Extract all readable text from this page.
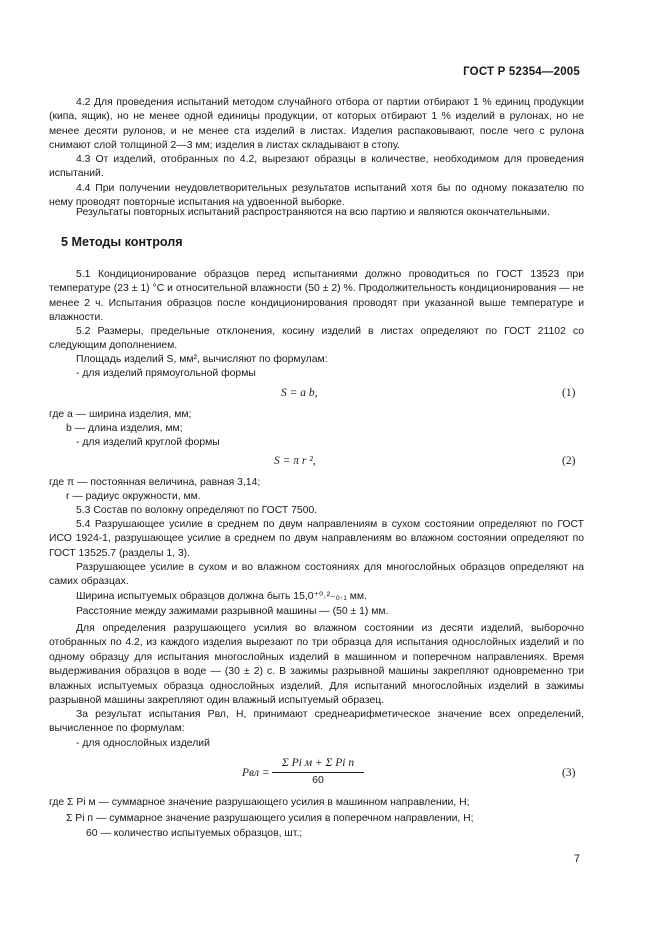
ГОСТ Р 52354—2005
4.2 Для проведения испытаний методом случайного отбора от партии отбирают 1 % единиц продукции (кипа, ящик), но не менее одной единицы продукции, от которых отбирают 1 % изделий в рулонах, но не менее десяти рулонов, и не менее ста изделий в листах. Изделия распаковывают, после чего с рулона снимают слой толщиной 2—3 мм; изделия в листах складывают в стопу.
4.3 От изделий, отобранных по 4.2, вырезают образцы в количестве, необходимом для проведения испытаний.
4.4 При получении неудовлетворительных результатов испытаний хотя бы по одному показателю по нему проводят повторные испытания на удвоенной выборке.
Результаты повторных испытаний распространяются на всю партию и являются окончательными.
5 Методы контроля
5.1 Кондиционирование образцов перед испытаниями должно проводиться по ГОСТ 13523 при температуре (23 ± 1) °С и относительной влажности (50 ± 2) %. Продолжительность кондиционирования — не менее 2 ч. Испытания образцов после кондиционирования проводят при указанной выше температуре и влажности.
5.2 Размеры, предельные отклонения, косину изделий в листах определяют по ГОСТ 21102 со следующим дополнением.
Площадь изделий S, мм², вычисляют по формулам:
- для изделий прямоугольной формы
S = a b,	(1)
где a — ширина изделия, мм;
b — длина изделия, мм;
- для изделий круглой формы
S = π r ²,	(2)
где π — постоянная величина, равная 3,14;
r — радиус окружности, мм.
5.3 Состав по волокну определяют по ГОСТ 7500.
5.4 Разрушающее усилие в среднем по двум направлениям в сухом состоянии определяют по ГОСТ ИСО 1924-1, разрушающее усилие в среднем по двум направлениям во влажном состоянии определяют по ГОСТ 13525.7 (разделы 1, 3).
Разрушающее усилие в сухом и во влажном состояниях для многослойных образцов определяют на самих образцах.
Ширина испытуемых образцов должна быть 15,0⁺⁰˒²₋₀˒₁ мм.
Расстояние между зажимами разрывной машины — (50 ± 1) мм.
Для определения разрушающего усилия во влажном состоянии из десяти изделий, выборочно отобранных по 4.2, из каждого изделия вырезают по три образца для испытания однослойных изделий и по одному образцу для испытания многослойных изделий в машинном и поперечном направлениях. Время выдерживания образцов в воде — (30 ± 2) с. В зажимы разрывной машины закрепляют одновременно три влажных испытуемых образца однослойных изделий. Для испытаний многослойных изделий в зажимы разрывной машины закрепляют один влажный испытуемый образец.
За результат испытания Pвл, Н, принимают среднеарифметическое значение всех определений, вычисленное по формулам:
- для однослойных изделий
Pвл =
Σ Pi м + Σ Pi п
60
(3)
где Σ Pi м — суммарное значение разрушающего усилия в машинном направлении, Н;
Σ Pi п — суммарное значение разрушающего усилия в поперечном направлении, Н;
60 — количество испытуемых образцов, шт.;
7
